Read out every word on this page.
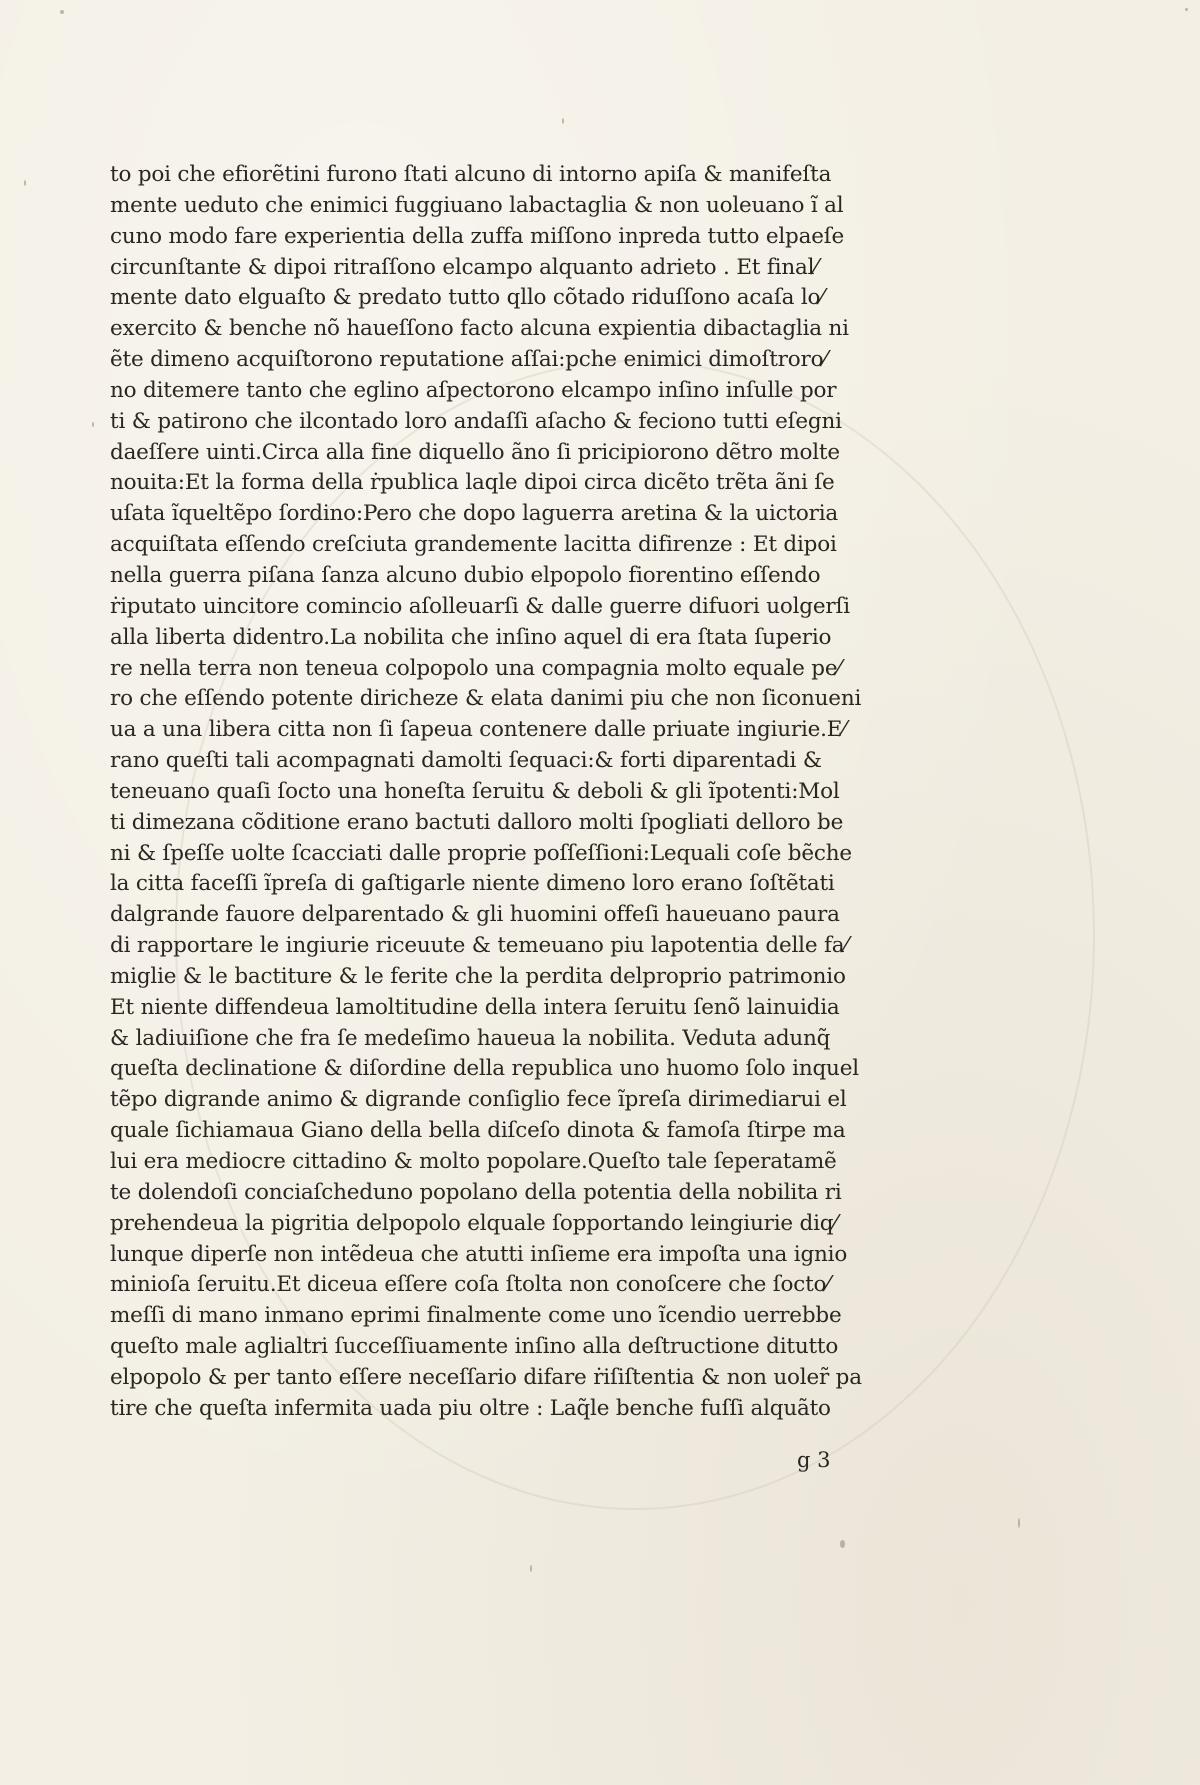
to poi che efiorẽtini furono ſtati alcuno di intorno apiſa & manifeſta
mente ueduto che enimici fuggiuano labactaglia & non uoleuano ĩ al
cuno modo fare experientia della zuffa miſſono inpreda tutto elpaeſe
circunſtante & dipoi ritraſſono elcampo alquanto adrieto . Et final⁄
mente dato elguaſto & predato tutto qllo cõtado riduſſono acaſa lo⁄
exercito & benche nõ haueſſono facto alcuna expientia dibactaglia ni
ẽte dimeno acquiſtorono reputatione aſſai:pche enimici dimoſtroro⁄
no ditemere tanto che eglino aſpectorono elcampo inſino inſulle por
ti & patirono che ilcontado loro andaſſi aſacho & feciono tutti eſegni
daeſſere uinti.Circa alla fine diquello ãno ſi pricipiorono dẽtro molte
nouita:Et la forma della ṙpublica laqle dipoi circa dicẽto trẽta ãni ſe
uſata ĩqueltẽpo ſordino:Pero che dopo laguerra aretina & la uictoria
acquiſtata eſſendo creſciuta grandemente lacitta difirenze : Et dipoi
nella guerra piſana ſanza alcuno dubio elpopolo fiorentino eſſendo
ṙiputato uincitore comincio aſolleuarſi & dalle guerre difuori uolgerſi
alla liberta didentro.La nobilita che inſino aquel di era ſtata ſuperio
re nella terra non teneua colpopolo una compagnia molto equale pe⁄
ro che eſſendo potente diricheze & elata danimi piu che non ſiconueni
ua a una libera citta non ſi ſapeua contenere dalle priuate ingiurie.E⁄
rano queſti tali acompagnati damolti ſequaci:& forti diparentadi &
teneuano quaſi ſocto una honeſta ſeruitu & deboli & gli ĩpotenti:Mol
ti dimezana cõditione erano bactuti dalloro molti ſpogliati delloro be
ni & ſpeſſe uolte ſcacciati dalle proprie poſſeſſioni:Lequali coſe bẽche
la citta faceſſi ĩpreſa di gaſtigarle niente dimeno loro erano ſoſtẽtati
dalgrande fauore delparentado & gli huomini offeſi haueuano paura
di rapportare le ingiurie riceuute & temeuano piu lapotentia delle fa⁄
miglie & le bactiture & le ferite che la perdita delproprio patrimonio
Et niente diffendeua lamoltitudine della intera ſeruitu ſenõ lainuidia
& ladiuiſione che fra ſe medeſimo haueua la nobilita. Veduta adunq̃
queſta declinatione & diſordine della republica uno huomo ſolo inquel
tẽpo digrande animo & digrande conſiglio fece ĩpreſa dirimediarui el
quale ſichiamaua Giano della bella diſceſo dinota & famoſa ſtirpe ma
lui era mediocre cittadino & molto popolare.Queſto tale ſeperatamẽ
te dolendoſi conciaſcheduno popolano della potentia della nobilita ri
prehendeua la pigritia delpopolo elquale ſopportando leingiurie diq⁄
lunque diperſe non intẽdeua che atutti inſieme era impoſta una ignio
minioſa ſeruitu.Et diceua eſſere coſa ſtolta non conoſcere che ſocto⁄
meſſi di mano inmano eprimi finalmente come uno ĩcendio uerrebbe
queſto male aglialtri ſucceſſiuamente inſino alla deſtructione ditutto
elpopolo & per tanto eſſere neceſſario difare ṙiſiſtentia & non uoler̃ pa
tire che queſta infermita uada piu oltre : Laq̃le benche fuſſi alquãto
g 3
